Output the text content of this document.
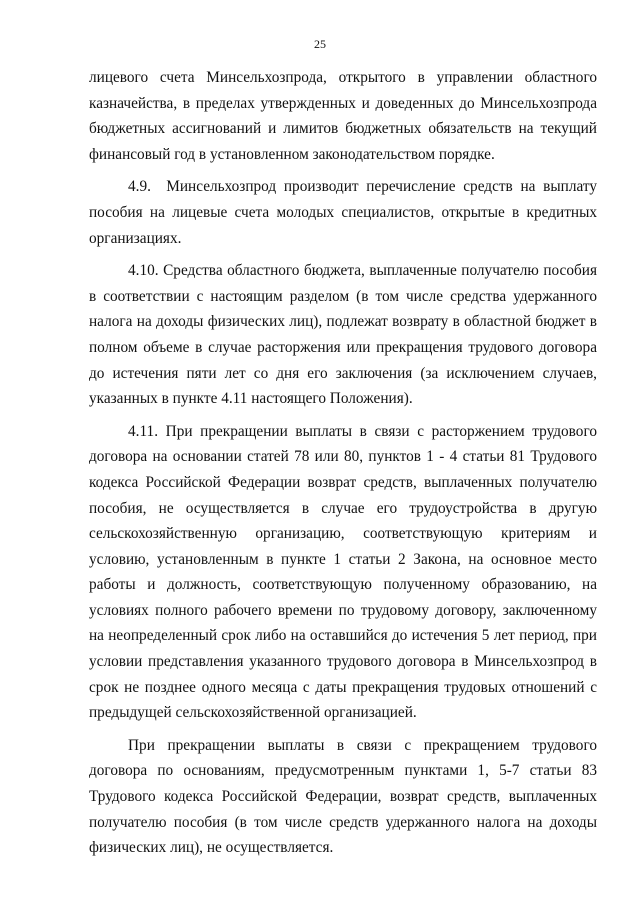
25

лицевого счета Минсельхозпрода, открытого в управлении областного казначейства, в пределах утвержденных и доведенных до Минсельхозпрода бюджетных ассигнований и лимитов бюджетных обязательств на текущий финансовый год в установленном законодательством порядке.

4.9. Минсельхозпрод производит перечисление средств на выплату пособия на лицевые счета молодых специалистов, открытые в кредитных организациях.

4.10. Средства областного бюджета, выплаченные получателю пособия в соответствии с настоящим разделом (в том числе средства удержанного налога на доходы физических лиц), подлежат возврату в областной бюджет в полном объеме в случае расторжения или прекращения трудового договора до истечения пяти лет со дня его заключения (за исключением случаев, указанных в пункте 4.11 настоящего Положения).

4.11. При прекращении выплаты в связи с расторжением трудового договора на основании статей 78 или 80, пунктов 1 - 4 статьи 81 Трудового кодекса Российской Федерации возврат средств, выплаченных получателю пособия, не осуществляется в случае его трудоустройства в другую сельскохозяйственную организацию, соответствующую критериям и условию, установленным в пункте 1 статьи 2 Закона, на основное место работы и должность, соответствующую полученному образованию, на условиях полного рабочего времени по трудовому договору, заключенному на неопределенный срок либо на оставшийся до истечения 5 лет период, при условии представления указанного трудового договора в Минсельхозпрод в срок не позднее одного месяца с даты прекращения трудовых отношений с предыдущей сельскохозяйственной организацией.

При прекращении выплаты в связи с прекращением трудового договора по основаниям, предусмотренным пунктами 1, 5-7 статьи 83 Трудового кодекса Российской Федерации, возврат средств, выплаченных получателю пособия (в том числе средств удержанного налога на доходы физических лиц), не осуществляется.
